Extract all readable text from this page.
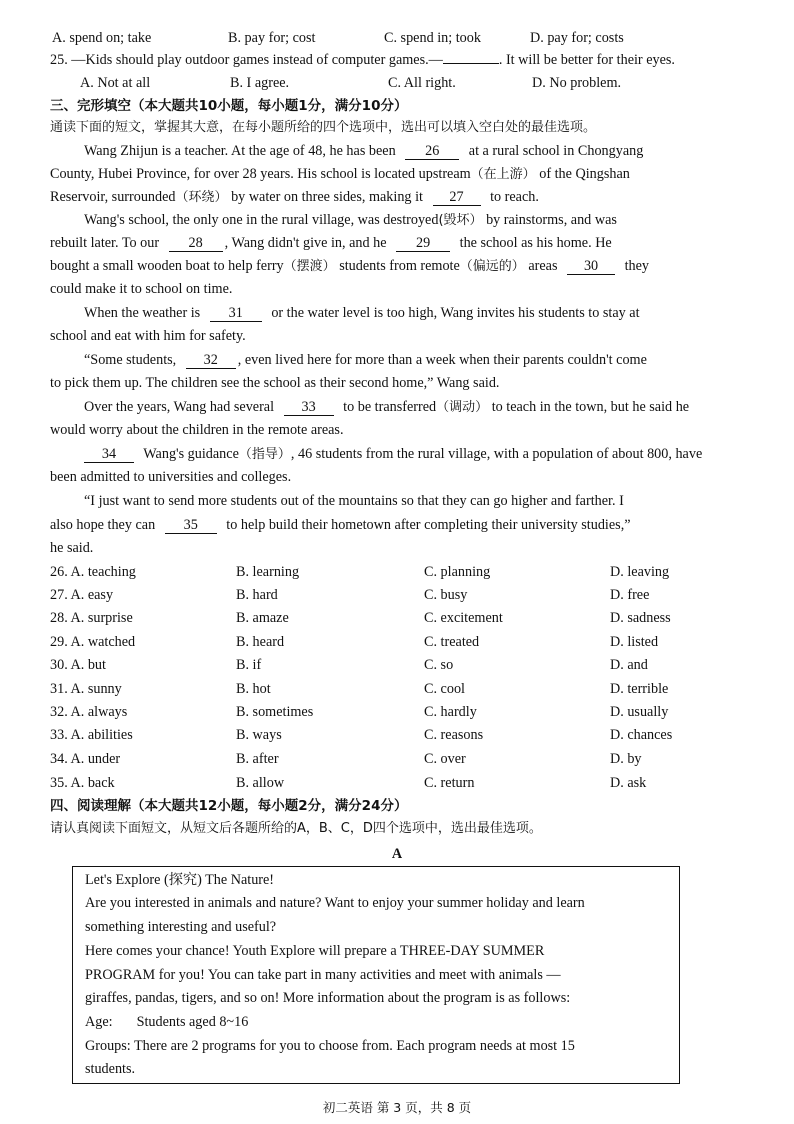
A. spend on; take	B. pay for; cost	C. spend in; took	D. pay for; costs
25. —Kids should play outdoor games instead of computer games.—	. It will be better for their eyes.
A. Not at all	B. I agree.	C. All right.	D. No problem.
三、完形填空（本大题共10小题，每小题1分，满分10分）
通读下面的短文，掌握其大意，在每小题所给的四个选项中，选出可以填入空白处的最佳选项。
Wang Zhijun is a teacher. At the age of 48, he has been 26 at a rural school in Chongyang
County, Hubei Province, for over 28 years. His school is located upstream（在上游） of the Qingshan
Reservoir, surrounded（环绕） by water on three sides, making it 27 to reach.
Wang's school, the only one in the rural village, was destroyed(毁坏） by rainstorms, and was
rebuilt later. To our 28 , Wang didn't give in, and he 29 the school as his home. He
bought a small wooden boat to help ferry（摆渡） students from remote（偏远的） areas 30 they
could make it to school on time.
When the weather is 31 or the water level is too high, Wang invites his students to stay at
school and eat with him for safety.
“Some students, 32 , even lived here for more than a week when their parents couldn't come
to pick them up. The children see the school as their second home,” Wang said.
Over the years, Wang had several 33 to be transferred（调动） to teach in the town, but he said he
would worry about the children in the remote areas.
34 Wang's guidance（指导）, 46 students from the rural village, with a population of about 800, have
been admitted to universities and colleges.
“I just want to send more students out of the mountains so that they can go higher and farther. I
also hope they can 35 to help build their hometown after completing their university studies,”
he said.
26. A. teaching	B. learning	C. planning	D. leaving
27. A. easy	B. hard	C. busy	D. free
28. A. surprise	B. amaze	C. excitement	D. sadness
29. A. watched	B. heard	C. treated	D. listed
30. A. but	B. if	C. so	D. and
31. A. sunny	B. hot	C. cool	D. terrible
32. A. always	B. sometimes	C. hardly	D. usually
33. A. abilities	B. ways	C. reasons	D. chances
34. A. under	B. after	C. over	D. by
35. A. back	B. allow	C. return	D. ask
四、阅读理解（本大题共12小题，每小题2分，满分24分）
请认真阅读下面短文，从短文后各题所给的A，B、C，D四个选项中，选出最佳选项。
A
Let's Explore (探究) The Nature!
Are you interested in animals and nature? Want to enjoy your summer holiday and learn
something interesting and useful?
Here comes your chance! Youth Explore will prepare a THREE-DAY SUMMER
PROGRAM for you! You can take part in many activities and meet with animals —
giraffes, pandas, tigers, and so on! More information about the program is as follows:
Age: Students aged 8~16
Groups: There are 2 programs for you to choose from. Each program needs at most 15
students.
初二英语 第 3 页，共 8 页
